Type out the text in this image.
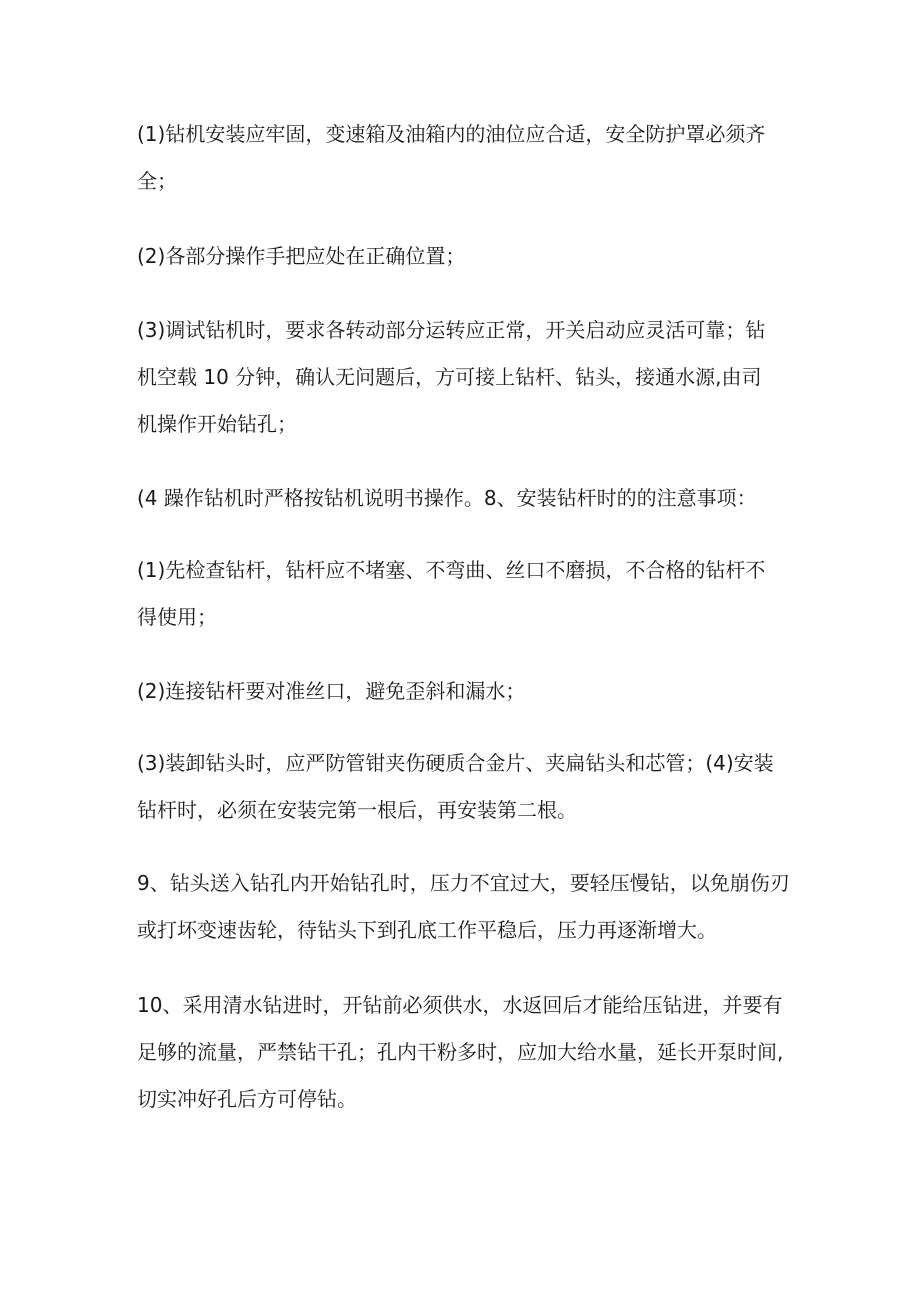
(1)钻机安装应牢固，变速箱及油箱内的油位应合适，安全防护罩必须齐
全；
(2)各部分操作手把应处在正确位置；
(3)调试钻机时，要求各转动部分运转应正常，开关启动应灵活可靠；钻
机空载 10 分钟，确认无问题后，方可接上钻杆、钻头，接通水源,由司
机操作开始钻孔；
(4 躁作钻机时严格按钻机说明书操作。8、安装钻杆时的的注意事项：
(1)先检查钻杆，钻杆应不堵塞、不弯曲、丝口不磨损，不合格的钻杆不
得使用；
(2)连接钻杆要对准丝口，避免歪斜和漏水；
(3)装卸钻头时，应严防管钳夹伤硬质合金片、夹扁钻头和芯管；(4)安装
钻杆时，必须在安装完第一根后，再安装第二根。
9、钻头送入钻孔内开始钻孔时，压力不宜过大，要轻压慢钻，以免崩伤刃
或打坏变速齿轮，待钻头下到孔底工作平稳后，压力再逐渐增大。
10、采用清水钻进时，开钻前必须供水，水返回后才能给压钻进，并要有
足够的流量，严禁钻干孔；孔内干粉多时，应加大给水量，延长开泵时间,
切实冲好孔后方可停钻。
